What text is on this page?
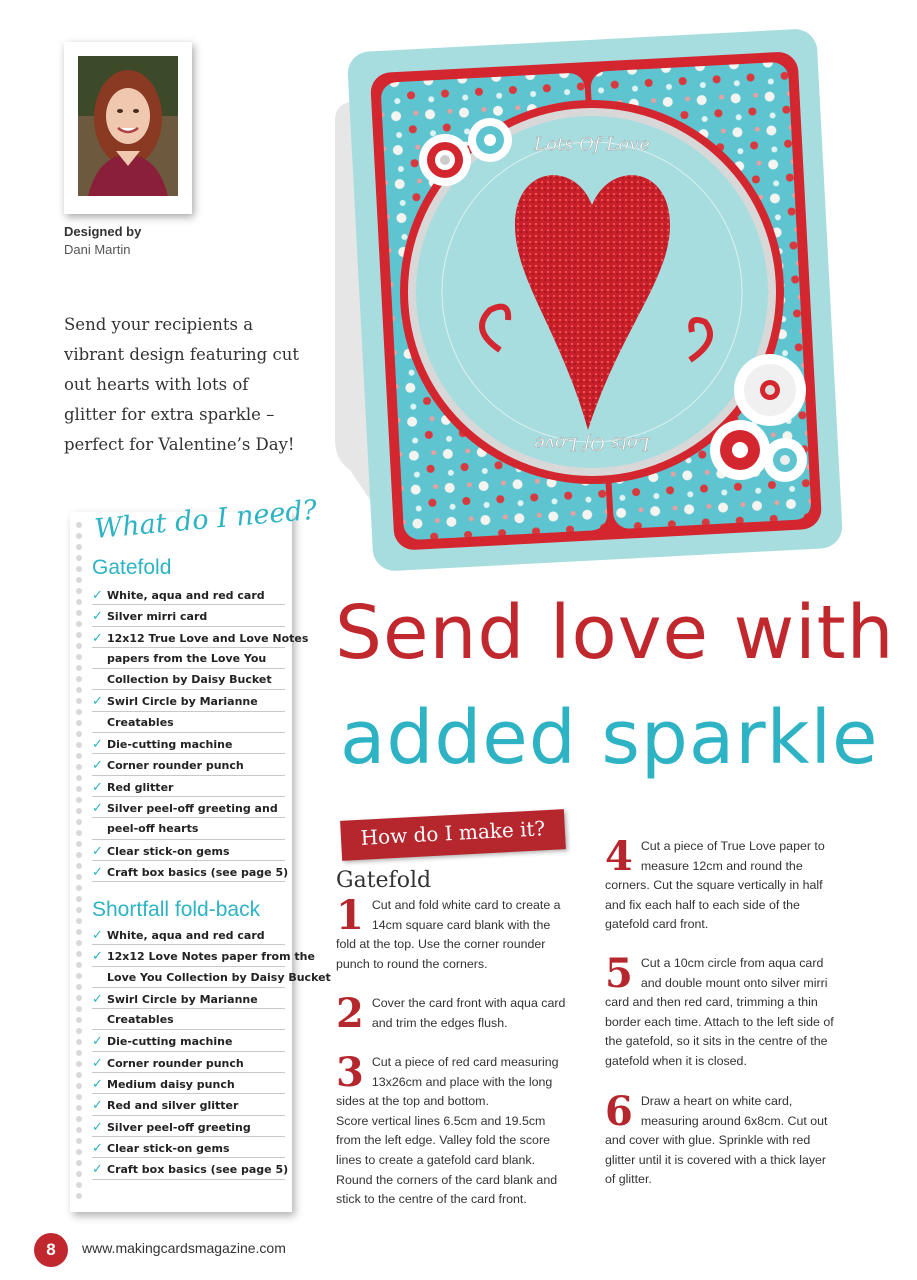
Designed by
Dani Martin
Send your recipients a vibrant design featuring cut out hearts with lots of glitter for extra sparkle – perfect for Valentine’s Day!
Lots Of Love
Lots Of Love
Send love with
added sparkle
What do I need?
Gatefold
✓ White, aqua and red card
✓ Silver mirri card
✓ 12x12 True Love and Love Notes
papers from the Love You
Collection by Daisy Bucket
✓ Swirl Circle by Marianne
Creatables
✓ Die-cutting machine
✓ Corner rounder punch
✓ Red glitter
✓ Silver peel-off greeting and
peel-off hearts
✓ Clear stick-on gems
✓ Craft box basics (see page 5)
Shortfall fold-back
✓ White, aqua and red card
✓ 12x12 Love Notes paper from the
Love You Collection by Daisy Bucket
✓ Swirl Circle by Marianne
Creatables
✓ Die-cutting machine
✓ Corner rounder punch
✓ Medium daisy punch
✓ Red and silver glitter
✓ Silver peel-off greeting
✓ Clear stick-on gems
✓ Craft box basics (see page 5)
How do I make it?
Gatefold
1 Cut and fold white card to create a 14cm square card blank with the fold at the top. Use the corner rounder punch to round the corners.
2 Cover the card front with aqua card and trim the edges flush.
3 Cut a piece of red card measuring 13x26cm and place with the long sides at the top and bottom.
Score vertical lines 6.5cm and 19.5cm from the left edge. Valley fold the score lines to create a gatefold card blank. Round the corners of the card blank and stick to the centre of the card front.
4 Cut a piece of True Love paper to measure 12cm and round the corners. Cut the square vertically in half and fix each half to each side of the gatefold card front.
5 Cut a 10cm circle from aqua card and double mount onto silver mirri card and then red card, trimming a thin border each time. Attach to the left side of the gatefold, so it sits in the centre of the gatefold when it is closed.
6 Draw a heart on white card, measuring around 6x8cm. Cut out and cover with glue. Sprinkle with red glitter until it is covered with a thick layer of glitter.
8	www.makingcardsmagazine.com
